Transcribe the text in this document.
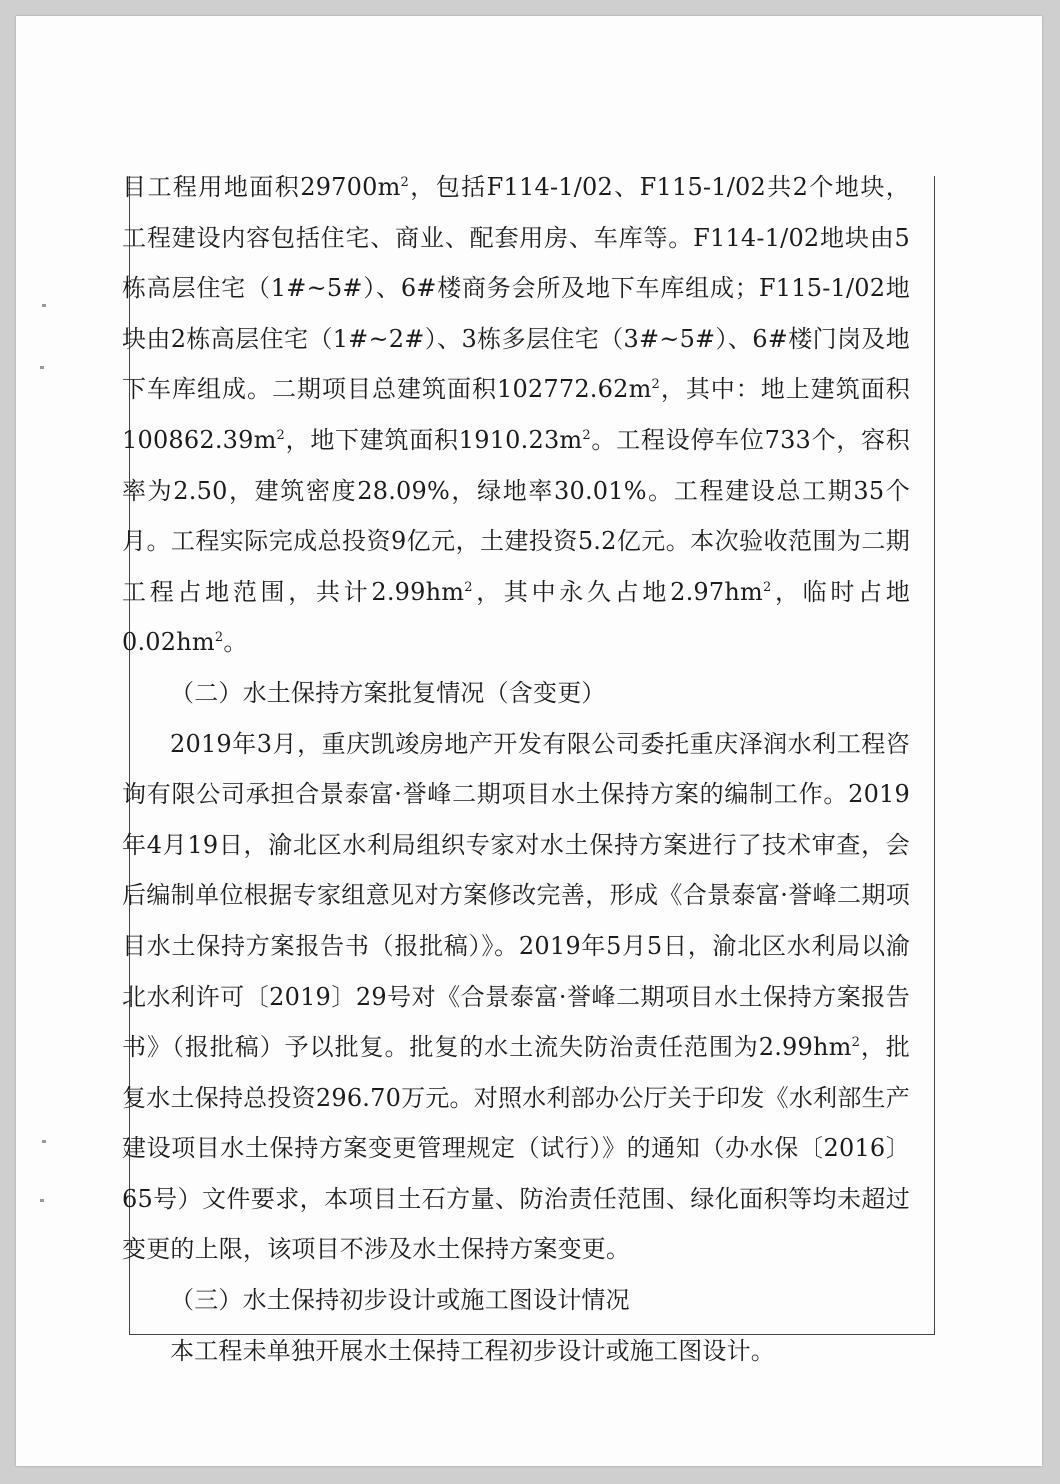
目工程用地面积$29700m^2$，包括F114-1/02、F115-1/02共2个地块，工程建设内容包括住宅、商业、配套用房、车库等。F114-1/02地块由5栋高层住宅（1#~5#）、6#楼商务会所及地下车库组成；F115-1/02地块由2栋高层住宅（1#~2#）、3栋多层住宅（3#~5#）、6#楼门岗及地下车库组成。二期项目总建筑面积$102772.62m^2$，其中：地上建筑面积$100862.39m^2$，地下建筑面积$1910.23m^2$。工程设停车位733个，容积率为2.50，建筑密度28.09%，绿地率30.01%。工程建设总工期35个月。工程实际完成总投资9亿元，土建投资5.2亿元。本次验收范围为二期工程占地范围，共计$2.99hm^2$，其中永久占地$2.97hm^2$，临时占地$0.02hm^2$。

（二）水土保持方案批复情况（含变更）

2019年3月，重庆凯竣房地产开发有限公司委托重庆泽润水利工程咨询有限公司承担合景泰富·誉峰二期项目水土保持方案的编制工作。2019年4月19日，渝北区水利局组织专家对水土保持方案进行了技术审查，会后编制单位根据专家组意见对方案修改完善，形成《合景泰富·誉峰二期项目水土保持方案报告书（报批稿）》。2019年5月5日，渝北区水利局以渝北水利许可〔2019〕29号对《合景泰富·誉峰二期项目水土保持方案报告书》（报批稿）予以批复。批复的水土流失防治责任范围为$2.99hm^2$，批复水土保持总投资296.70万元。对照水利部办公厅关于印发《水利部生产建设项目水土保持方案变更管理规定（试行）》的通知（办水保〔2016〕65号）文件要求，本项目土石方量、防治责任范围、绿化面积等均未超过变更的上限，该项目不涉及水土保持方案变更。

（三）水土保持初步设计或施工图设计情况

本工程未单独开展水土保持工程初步设计或施工图设计。
